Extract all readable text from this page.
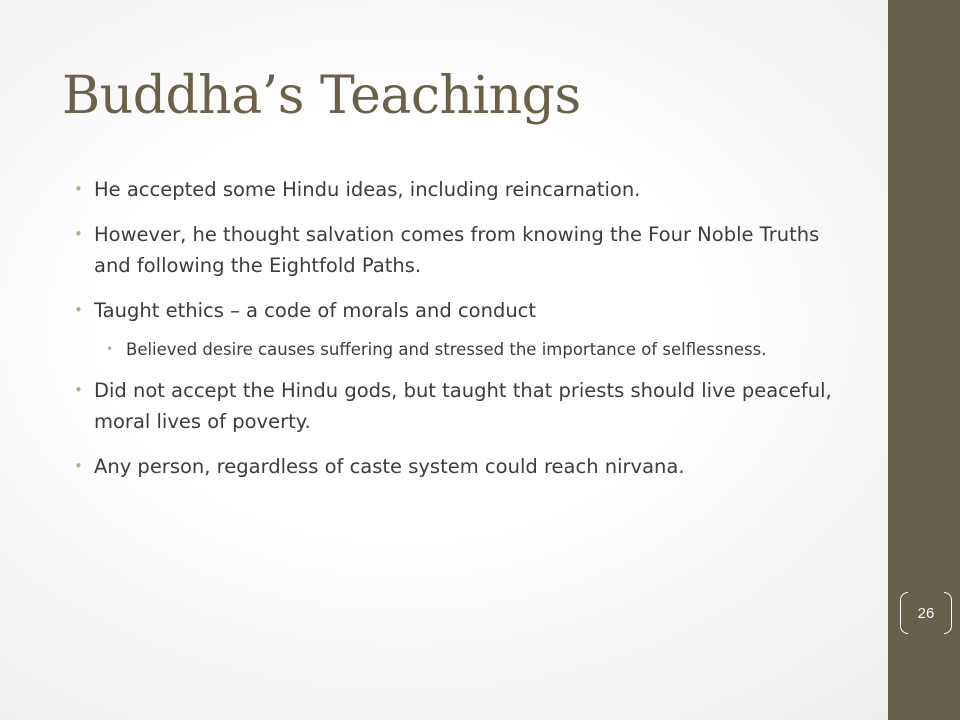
Buddha’s Teachings
• He accepted some Hindu ideas, including reincarnation.
• However, he thought salvation comes from knowing the Four Noble Truths and following the Eightfold Paths.
• Taught ethics – a code of morals and conduct
• Believed desire causes suffering and stressed the importance of selflessness.
• Did not accept the Hindu gods, but taught that priests should live peaceful, moral lives of poverty.
• Any person, regardless of caste system could reach nirvana.
26
